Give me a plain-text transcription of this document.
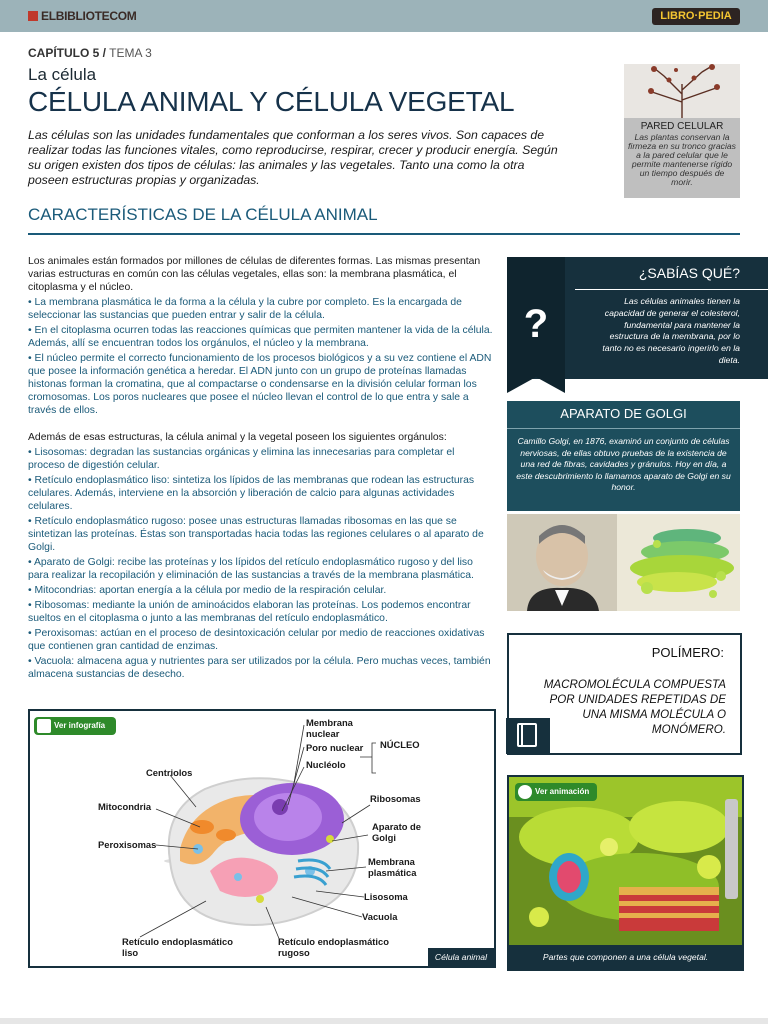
ELBIBLIOTECOM	LIBRO·PEDIA
CAPÍTULO 5 / TEMA 3
La célula
CÉLULA ANIMAL Y CÉLULA VEGETAL
Las células son las unidades fundamentales que conforman a los seres vivos. Son capaces de realizar todas las funciones vitales, como reproducirse, respirar, crecer y producir energía. Según su origen existen dos tipos de células: las animales y las vegetales. Tanto una como la otra poseen estructuras propias y organizadas.
CARACTERÍSTICAS DE LA CÉLULA ANIMAL
PARED CELULAR
Las plantas conservan la firmeza en su tronco gracias a la pared celular que le permite mantenerse rígido un tiempo después de morir.

Los animales están formados por millones de células de diferentes formas. Las mismas presentan varias estructuras en común con las células vegetales, ellas son: la membrana plasmática, el citoplasma y el núcleo.

• La membrana plasmática le da forma a la célula y la cubre por completo. Es la encargada de seleccionar las sustancias que pueden entrar y salir de la célula.

• En el citoplasma ocurren todas las reacciones químicas que permiten mantener la vida de la célula. Además, allí se encuentran todos los orgánulos, el núcleo y la membrana.

• El núcleo permite el correcto funcionamiento de los procesos biológicos y a su vez contiene el ADN que posee la información genética a heredar. El ADN junto con un grupo de proteínas llamadas histonas forman la cromatina, que al compactarse o condensarse en la división celular forman los cromosomas. Los poros nucleares que posee el núcleo llevan el control de lo que entra y sale a través de ellos.

Además de esas estructuras, la célula animal y la vegetal poseen los siguientes orgánulos:

• Lisosomas: degradan las sustancias orgánicas y elimina las innecesarias para completar el proceso de digestión celular.

• Retículo endoplasmático liso: sintetiza los lípidos de las membranas que rodean las estructuras celulares. Además, interviene en la absorción y liberación de calcio para algunas actividades celulares.

• Retículo endoplasmático rugoso: posee unas estructuras llamadas ribosomas en las que se sintetizan las proteínas. Éstas son transportadas hacia todas las regiones celulares o al aparato de Golgi.

• Aparato de Golgi: recibe las proteínas y los lípidos del retículo endoplasmático rugoso y del liso para realizar la recopilación y eliminación de las sustancias a través de la membrana plasmática.

• Mitocondrias: aportan energía a la célula por medio de la respiración celular.

• Ribosomas: mediante la unión de aminoácidos elaboran las proteínas. Los podemos encontrar sueltos en el citoplasma o junto a las membranas del retículo endoplasmático.

• Peroxisomas: actúan en el proceso de desintoxicación celular por medio de reacciones oxidativas que contienen gran cantidad de enzimas.

• Vacuola: almacena agua y nutrientes para ser utilizados por la célula. Pero muchas veces, también almacena sustancias de desecho.

?
¿SABÍAS QUÉ?
Las células animales tienen la capacidad de generar el colesterol, fundamental para mantener la estructura de la membrana, por lo tanto no es necesario ingerirlo en la dieta.
APARATO DE GOLGI
Camillo Golgi, en 1876, examinó un conjunto de células nerviosas, de ellas obtuvo pruebas de la existencia de una red de fibras, cavidades y gránulos. Hoy en día, a este descubrimiento lo llamamos aparato de Golgi en su honor.
POLÍMERO:
MACROMOLÉCULA COMPUESTA POR UNIDADES REPETIDAS DE UNA MISMA MOLÉCULA O MONÓMERO.
Ver infografía	Membrana nuclear
Poro nuclear NÚCLEO
Nucléolo
Centriolos
Mitocondria
Peroxisomas
Ribosomas
Aparato de Golgi
Membrana plasmática
Lisosoma
Vacuola
Retículo endoplasmático liso
Retículo endoplasmático rugoso	Célula animal
Ver animación
Partes que componen a una célula vegetal.
